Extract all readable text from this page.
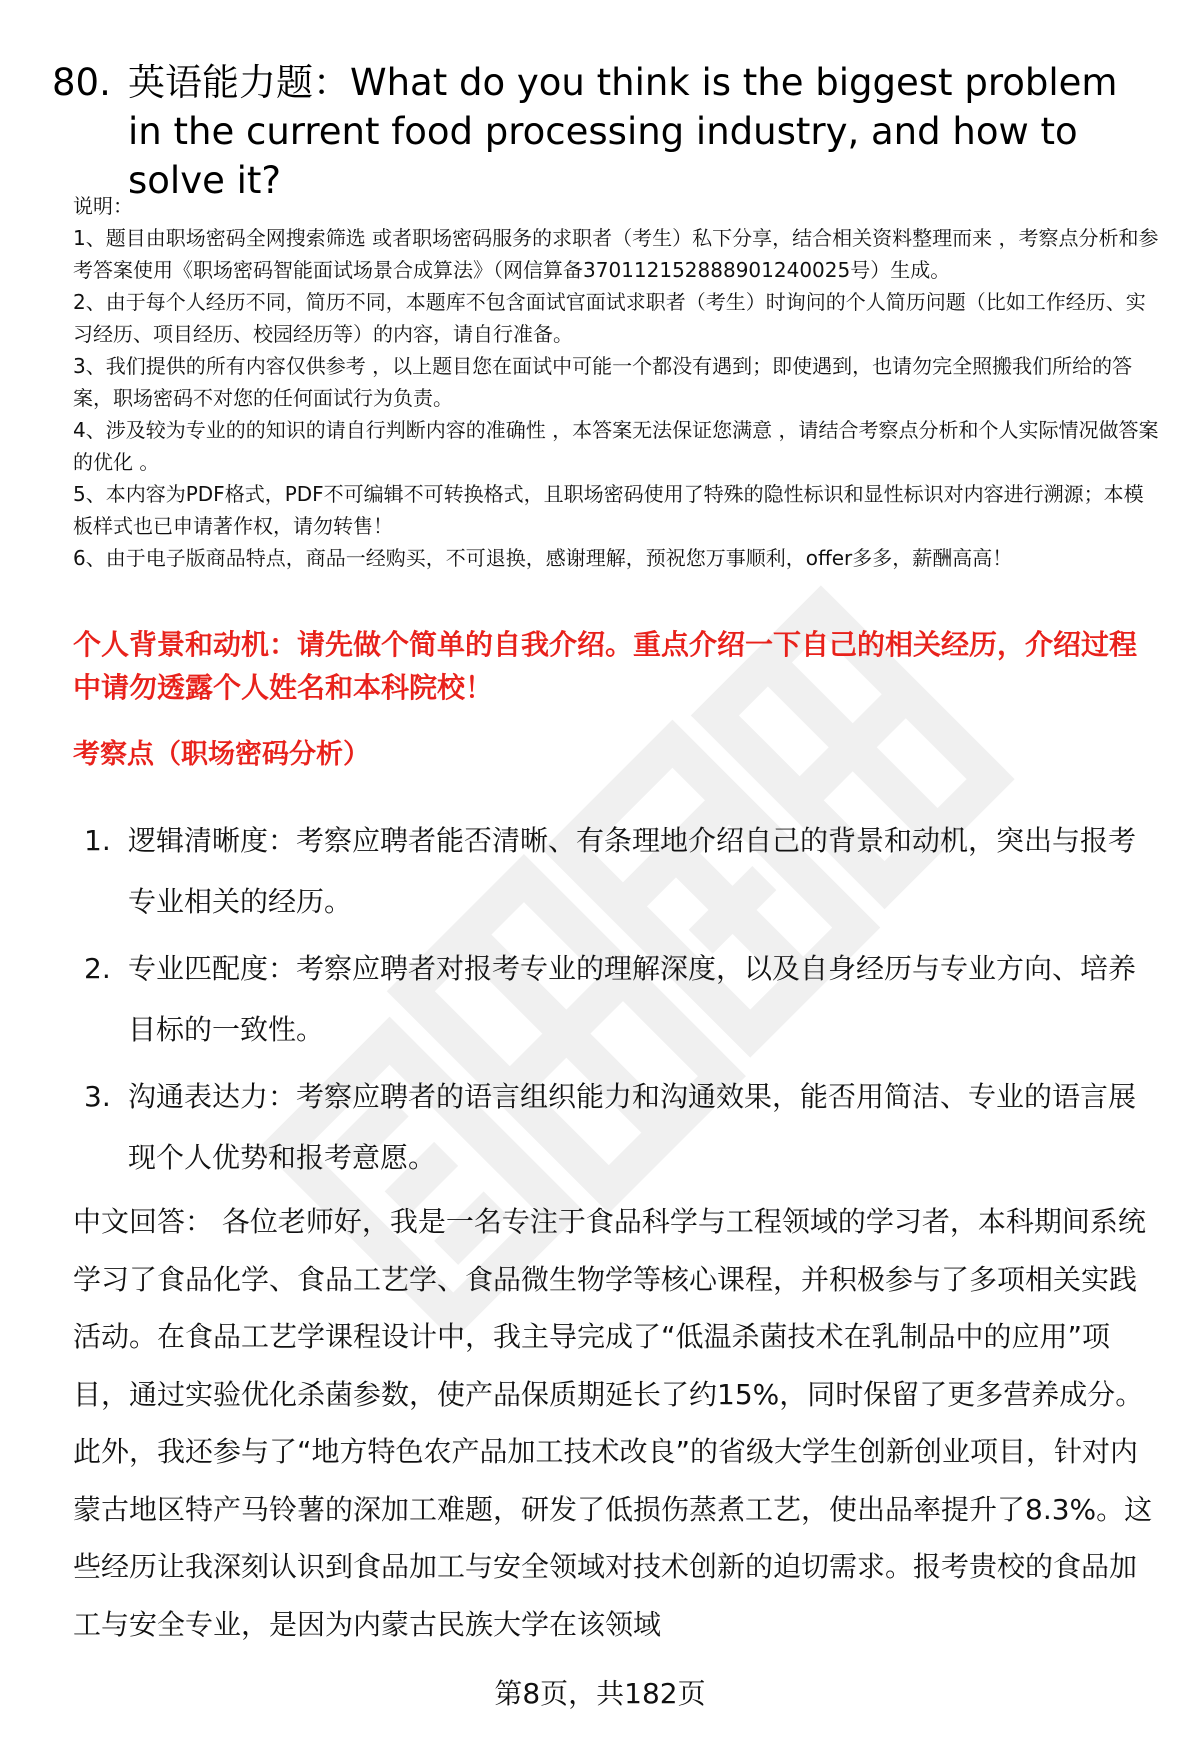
80. 英语能力题：What do you think is the biggest problem in the current food processing industry, and how to solve it?

说明：

1、题目由职场密码全网搜索筛选 或者职场密码服务的求职者（考生）私下分享，结合相关资料整理而来 ，考察点分析和参考答案使用《职场密码智能面试场景合成算法》（网信算备370112152888901240025号）生成。

2、由于每个人经历不同，简历不同，本题库不包含面试官面试求职者（考生）时询问的个人简历问题（比如工作经历、实习经历、项目经历、校园经历等）的内容，请自行准备。

3、我们提供的所有内容仅供参考 ，以上题目您在面试中可能一个都没有遇到；即使遇到，也请勿完全照搬我们所给的答案，职场密码不对您的任何面试行为负责。

4、涉及较为专业的的知识的请自行判断内容的准确性 ，本答案无法保证您满意 ，请结合考察点分析和个人实际情况做答案的优化 。

5、本内容为PDF格式，PDF不可编辑不可转换格式，且职场密码使用了特殊的隐性标识和显性标识对内容进行溯源；本模板样式也已申请著作权，请勿转售！

6、由于电子版商品特点，商品一经购买，不可退换，感谢理解，预祝您万事顺利，offer多多，薪酬高高！

个人背景和动机：请先做个简单的自我介绍。重点介绍一下自己的相关经历，介绍过程中请勿透露个人姓名和本科院校！
考察点（职场密码分析）
1. 逻辑清晰度：考察应聘者能否清晰、有条理地介绍自己的背景和动机，突出与报考专业相关的经历。
2. 专业匹配度：考察应聘者对报考专业的理解深度，以及自身经历与专业方向、培养目标的一致性。
3. 沟通表达力：考察应聘者的语言组织能力和沟通效果，能否用简洁、专业的语言展现个人优势和报考意愿。

中文回答： 各位老师好，我是一名专注于食品科学与工程领域的学习者，本科期间系统学习了食品化学、食品工艺学、食品微生物学等核心课程，并积极参与了多项相关实践活动。在食品工艺学课程设计中，我主导完成了“低温杀菌技术在乳制品中的应用”项目，通过实验优化杀菌参数，使产品保质期延长了约15%，同时保留了更多营养成分。此外，我还参与了“地方特色农产品加工技术改良”的省级大学生创新创业项目，针对内蒙古地区特产马铃薯的深加工难题，研发了低损伤蒸煮工艺，使出品率提升了8.3%。这些经历让我深刻认识到食品加工与安全领域对技术创新的迫切需求。报考贵校的食品加工与安全专业，是因为内蒙古民族大学在该领域

第8页，共182页
